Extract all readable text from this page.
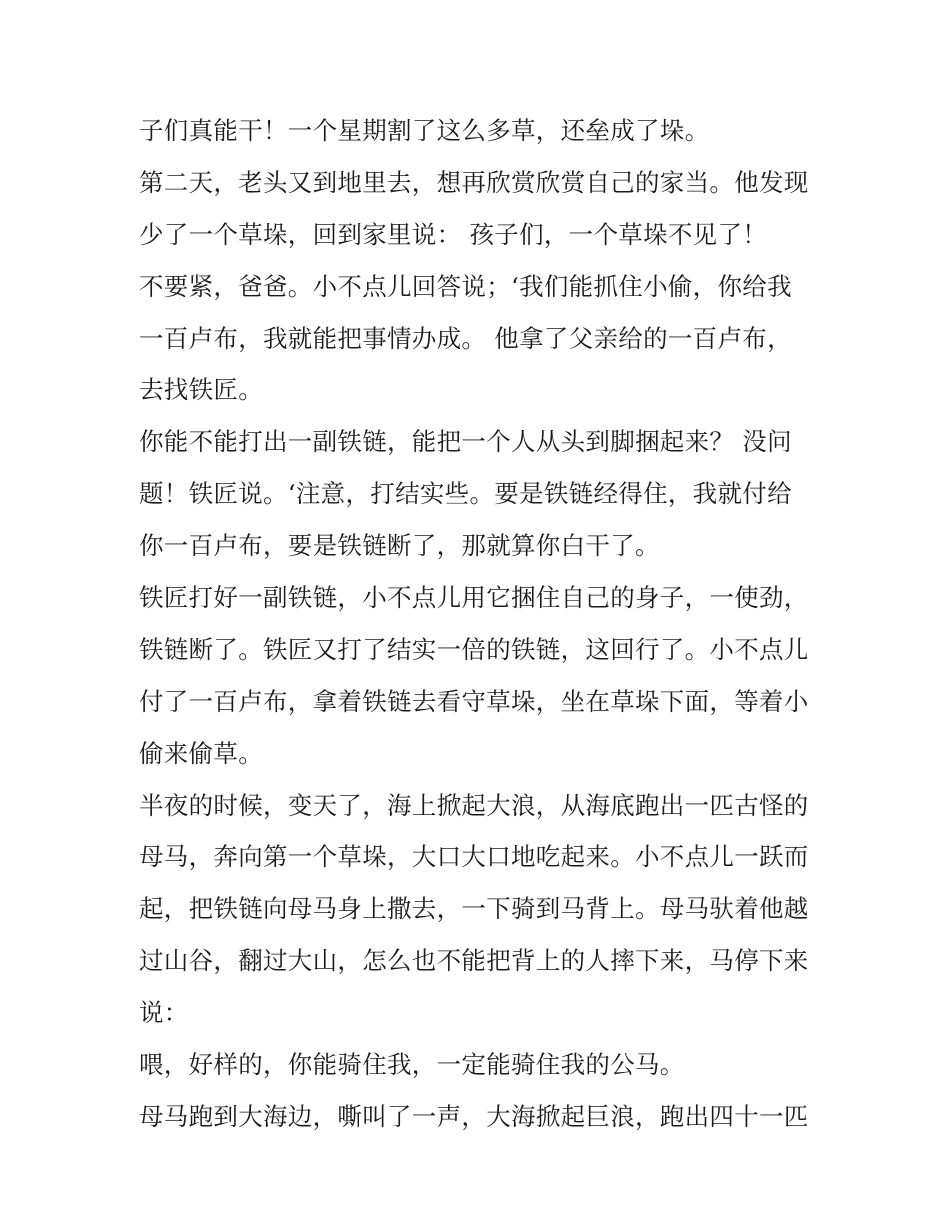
子们真能干！一个星期割了这么多草，还垒成了垛。
第二天，老头又到地里去，想再欣赏欣赏自己的家当。他发现
少了一个草垛，回到家里说： 孩子们，一个草垛不见了！
不要紧，爸爸。小不点儿回答说；‘我们能抓住小偷，你给我
一百卢布，我就能把事情办成。 他拿了父亲给的一百卢布，
去找铁匠。
你能不能打出一副铁链，能把一个人从头到脚捆起来？ 没问
题！铁匠说。‘注意，打结实些。要是铁链经得住，我就付给
你一百卢布，要是铁链断了，那就算你白干了。
铁匠打好一副铁链，小不点儿用它捆住自己的身子，一使劲，
铁链断了。铁匠又打了结实一倍的铁链，这回行了。小不点儿
付了一百卢布，拿着铁链去看守草垛，坐在草垛下面，等着小
偷来偷草。
半夜的时候，变天了，海上掀起大浪，从海底跑出一匹古怪的
母马，奔向第一个草垛，大口大口地吃起来。小不点儿一跃而
起，把铁链向母马身上撒去，一下骑到马背上。母马驮着他越
过山谷，翻过大山，怎么也不能把背上的人摔下来，马停下来
说：
喂，好样的，你能骑住我，一定能骑住我的公马。
母马跑到大海边，嘶叫了一声，大海掀起巨浪，跑出四十一匹
